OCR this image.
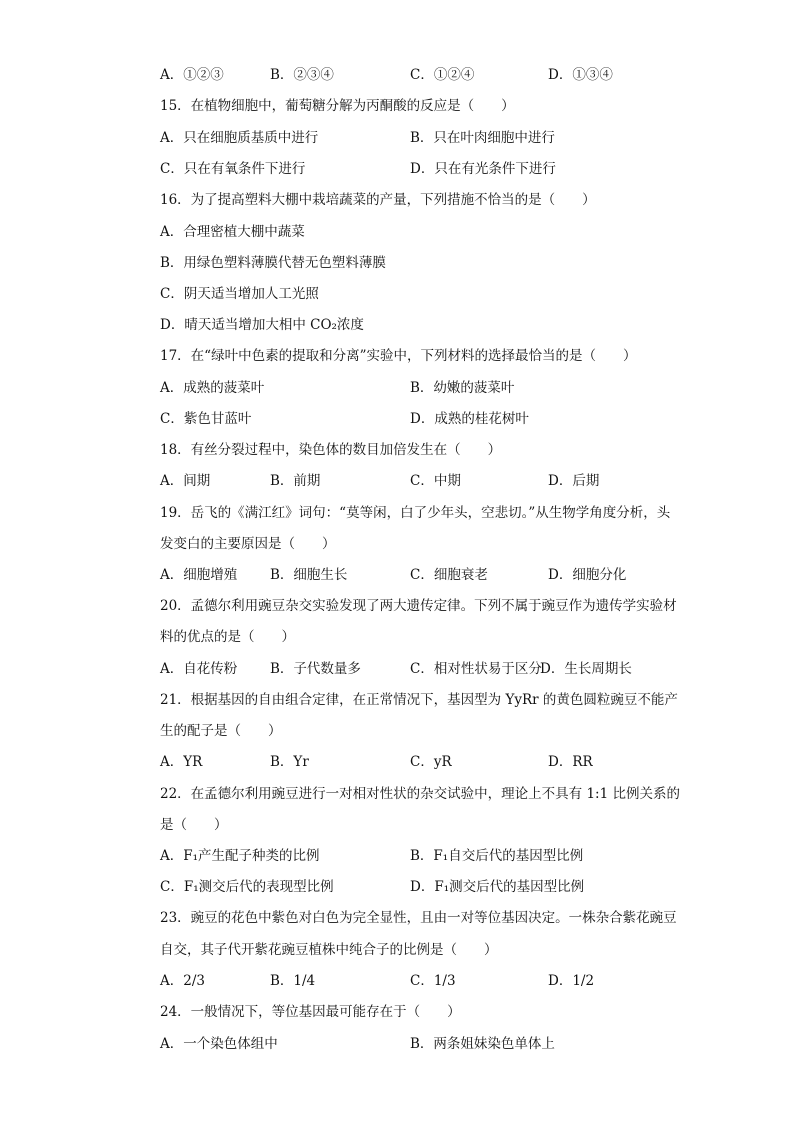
A．①②③	B．②③④	C．①②④	D．①③④
15．在植物细胞中，葡萄糖分解为丙酮酸的反应是（　　）
A．只在细胞质基质中进行	B．只在叶肉细胞中进行
C．只在有氧条件下进行	D．只在有光条件下进行
16．为了提高塑料大棚中栽培蔬菜的产量，下列措施不恰当的是（　　）
A．合理密植大棚中蔬菜
B．用绿色塑料薄膜代替无色塑料薄膜
C．阴天适当增加人工光照
D．晴天适当增加大相中 CO₂浓度
17．在“绿叶中色素的提取和分离”实验中，下列材料的选择最恰当的是（　　）
A．成熟的菠菜叶	B．幼嫩的菠菜叶
C．紫色甘蓝叶	D．成熟的桂花树叶
18．有丝分裂过程中，染色体的数目加倍发生在（　　）
A．间期	B．前期	C．中期	D．后期
19．岳飞的《满江红》词句：“莫等闲，白了少年头，空悲切。”从生物学角度分析，头
发变白的主要原因是（　　）
A．细胞增殖 B．细胞生长	C．细胞衰老	D．细胞分化
20．孟德尔利用豌豆杂交实验发现了两大遗传定律。下列不属于豌豆作为遗传学实验材
料的优点的是（　　）
A．自花传粉 B．子代数量多	C．相对性状易于区分
D．生长周期长
21．根据基因的自由组合定律，在正常情况下，基因型为 YyRr 的黄色圆粒豌豆不能产
生的配子是（　　）
A．YR	B．Yr	C．yR	D．RR
22．在孟德尔利用豌豆进行一对相对性状的杂交试验中，理论上不具有 1:1 比例关系的
是（　　）
A．F₁产生配子种类的比例	B．F₁自交后代的基因型比例
C．F₁测交后代的表现型比例	D．F₁测交后代的基因型比例
23．豌豆的花色中紫色对白色为完全显性，且由一对等位基因决定。一株杂合紫花豌豆
自交，其子代开紫花豌豆植株中纯合子的比例是（　　）
A．2/3	B．1/4	C．1/3	D．1/2
24．一般情况下，等位基因最可能存在于（　　）
A．一个染色体组中	B．两条姐妹染色单体上
